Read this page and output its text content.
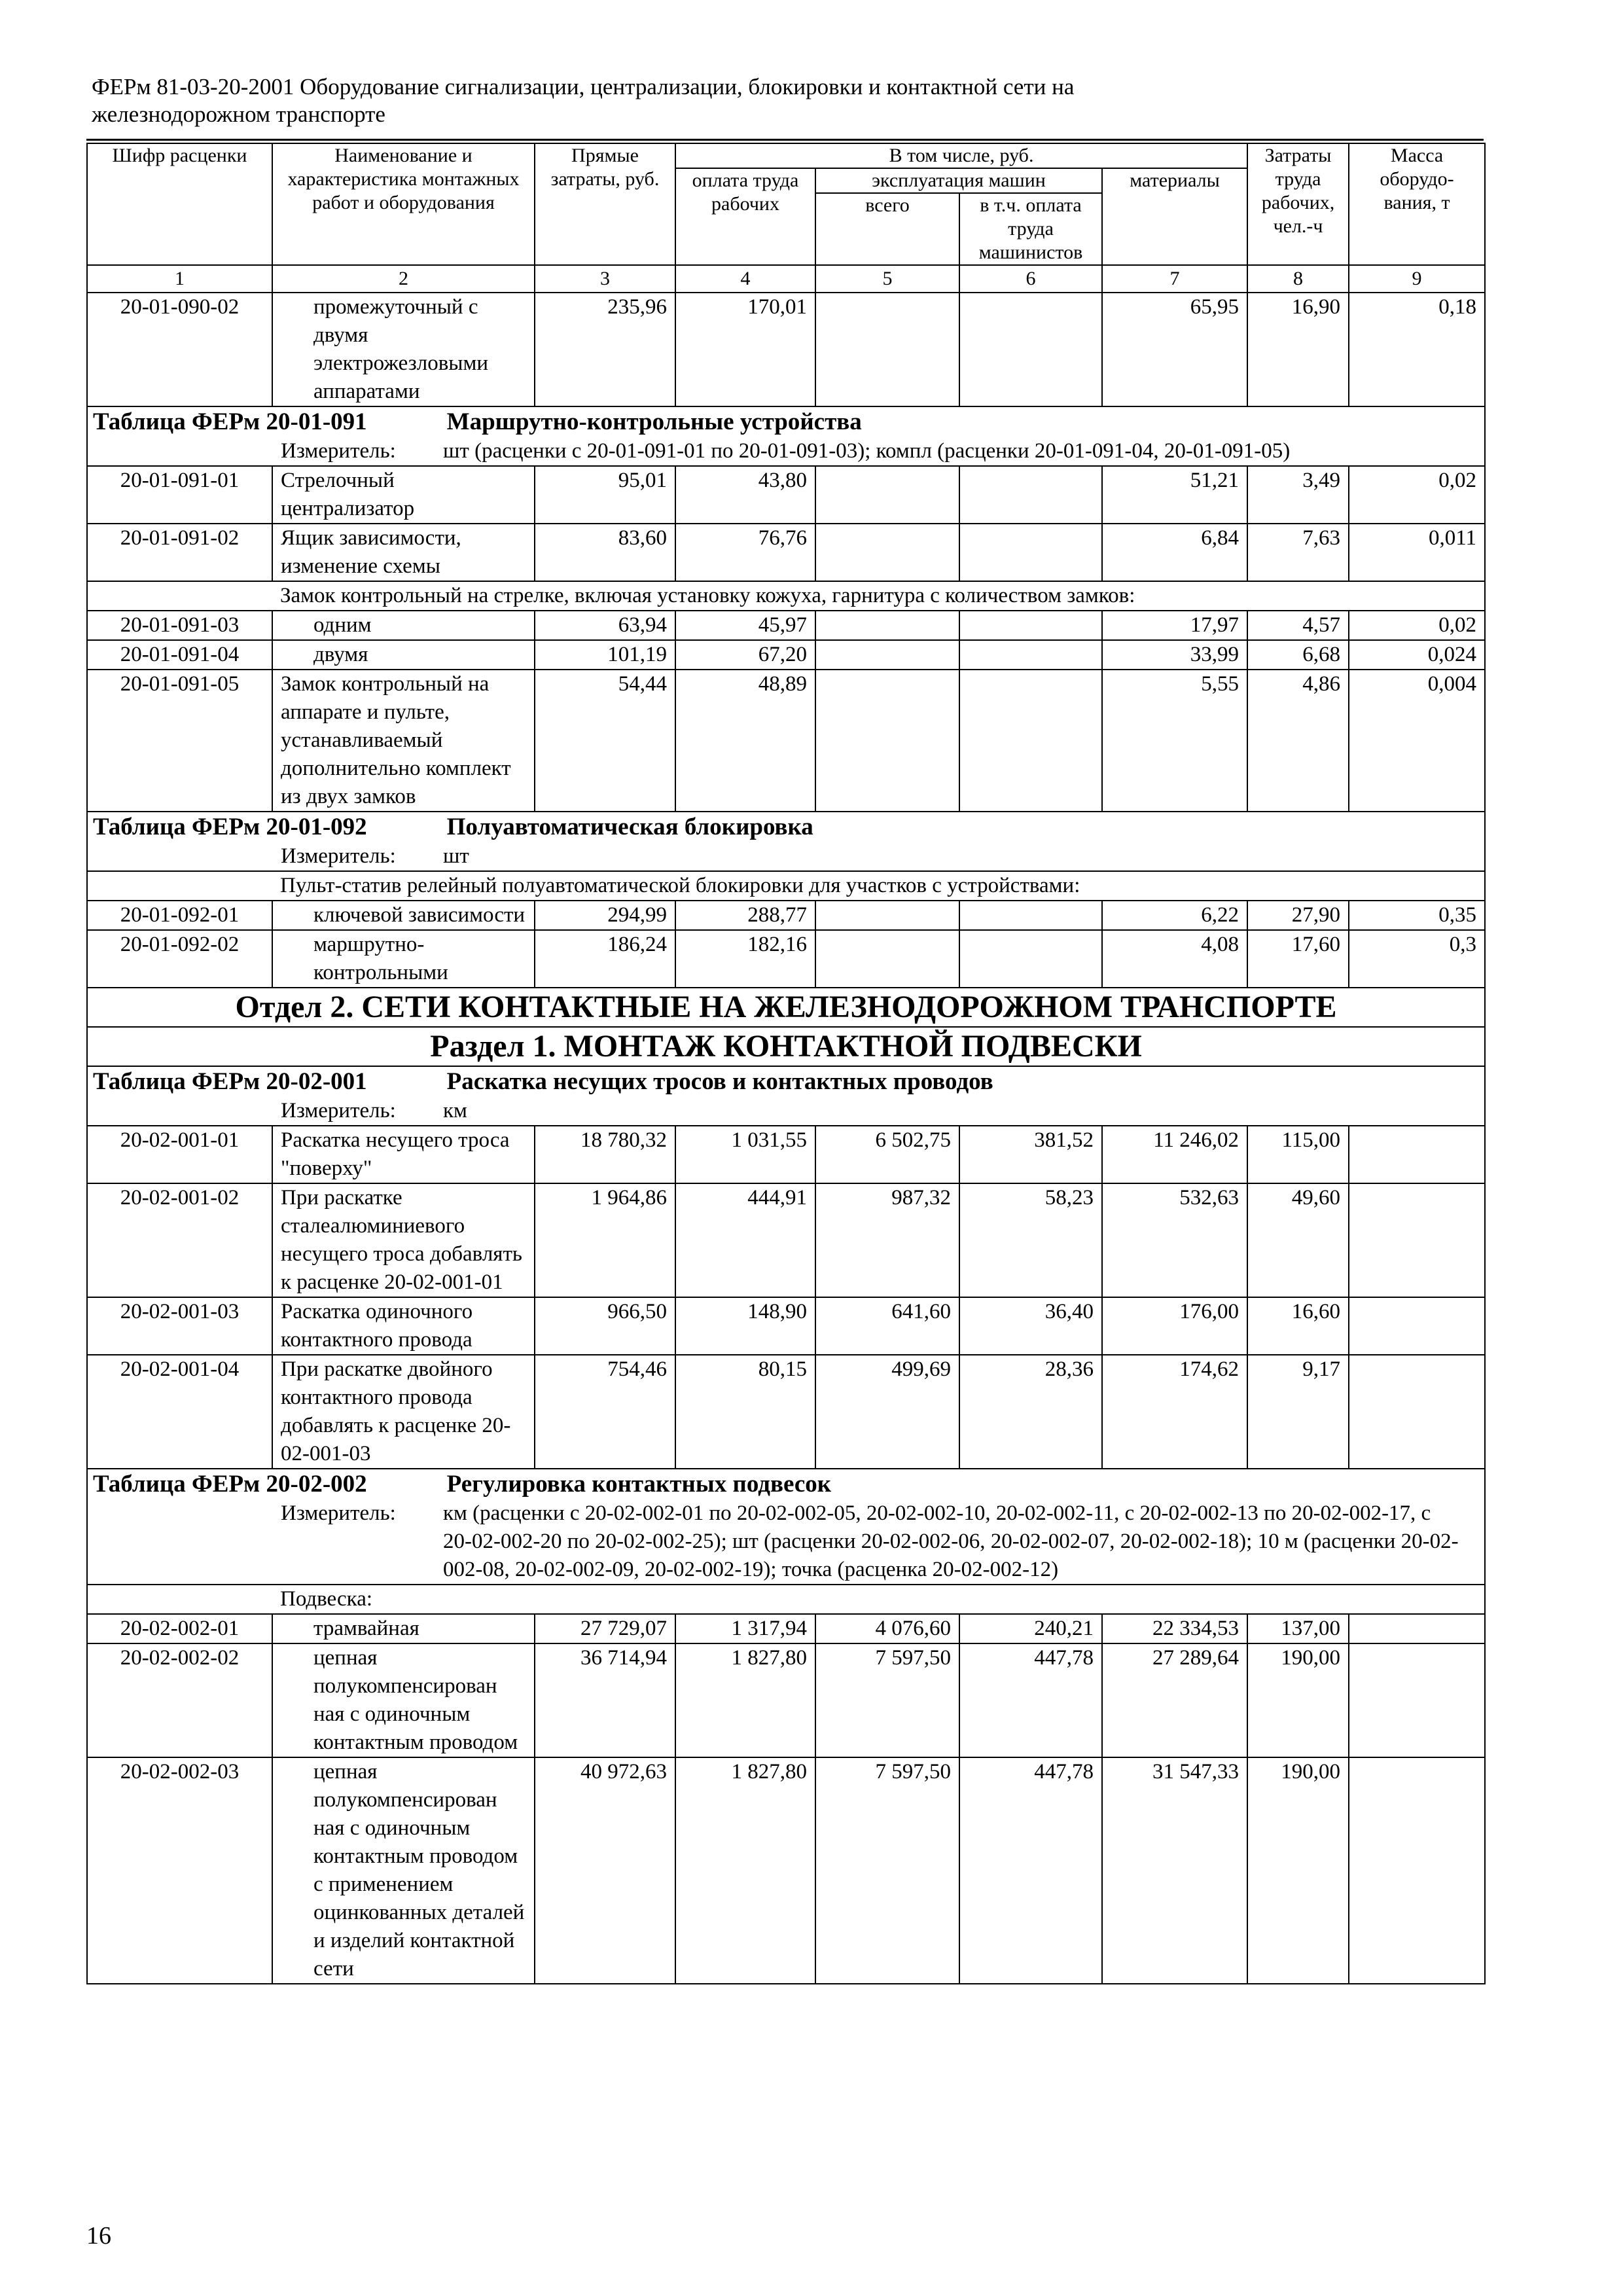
ФЕРм 81-03-20-2001 Оборудование сигнализации, централизации, блокировки и контактной сети на
железнодорожном транспорте
Шифр расценки	Наименование и характеристика монтажных работ и оборудования	Прямые затраты, руб.	В том числе, руб.				Затраты труда рабочих, чел.-ч	Масса оборудо-вания, т
			оплата труда рабочих	эксплуатация машин		материалы		
				всего	в т.ч. оплата труда машинистов			
1	2	3	4	5	6	7	8	9
20-01-090-02	промежуточный с двумя электрожезловыми аппаратами	235,96	170,01			65,95	16,90	0,18
Таблица ФЕРм 20-01-091 Маршрутно-контрольные устройства								
Измеритель: шт (расценки с 20-01-091-01 по 20-01-091-03); компл (расценки 20-01-091-04, 20-01-091-05)								
20-01-091-01	Стрелочный централизатор	95,01	43,80			51,21	3,49	0,02
20-01-091-02	Ящик зависимости, изменение схемы	83,60	76,76			6,84	7,63	0,011
Замок контрольный на стрелке, включая установку кожуха, гарнитура с количеством замков:								
20-01-091-03	одним	63,94	45,97			17,97	4,57	0,02
20-01-091-04	двумя	101,19	67,20			33,99	6,68	0,024
20-01-091-05	Замок контрольный на аппарате и пульте, устанавливаемый дополнительно комплект из двух замков	54,44	48,89			5,55	4,86	0,004
Таблица ФЕРм 20-01-092 Полуавтоматическая блокировка								
Измеритель: шт								
Пульт-статив релейный полуавтоматической блокировки для участков с устройствами:								
20-01-092-01	ключевой зависимости	294,99	288,77			6,22	27,90	0,35
20-01-092-02	маршрутно-контрольными	186,24	182,16			4,08	17,60	0,3
Отдел 2. СЕТИ КОНТАКТНЫЕ НА ЖЕЛЕЗНОДОРОЖНОМ ТРАНСПОРТЕ								
Раздел 1. МОНТАЖ КОНТАКТНОЙ ПОДВЕСКИ								
Таблица ФЕРм 20-02-001 Раскатка несущих тросов и контактных проводов								
Измеритель: км								
20-02-001-01	Раскатка несущего троса "поверху"	18 780,32	1 031,55	6 502,75	381,52	11 246,02	115,00	
20-02-001-02	При раскатке сталеалюминиевого несущего троса добавлять к расценке 20-02-001-01	1 964,86	444,91	987,32	58,23	532,63	49,60	
20-02-001-03	Раскатка одиночного контактного провода	966,50	148,90	641,60	36,40	176,00	16,60	
20-02-001-04	При раскатке двойного контактного провода добавлять к расценке 20-02-001-03	754,46	80,15	499,69	28,36	174,62	9,17	
Таблица ФЕРм 20-02-002 Регулировка контактных подвесок								
Измеритель: км (расценки с 20-02-002-01 по 20-02-002-05, 20-02-002-10, 20-02-002-11, с 20-02-002-13 по 20-02-002-17, с 20-02-002-20 по 20-02-002-25); шт (расценки 20-02-002-06, 20-02-002-07, 20-02-002-18); 10 м (расценки 20-02-002-08, 20-02-002-09, 20-02-002-19); точка (расценка 20-02-002-12)								
Подвеска:								
20-02-002-01	трамвайная	27 729,07	1 317,94	4 076,60	240,21	22 334,53	137,00	
20-02-002-02	цепная полукомпенсирован ная с одиночным контактным проводом	36 714,94	1 827,80	7 597,50	447,78	27 289,64	190,00	
20-02-002-03	цепная полукомпенсирован ная с одиночным контактным проводом с применением оцинкованных деталей и изделий контактной сети	40 972,63	1 827,80	7 597,50	447,78	31 547,33	190,00	
16
